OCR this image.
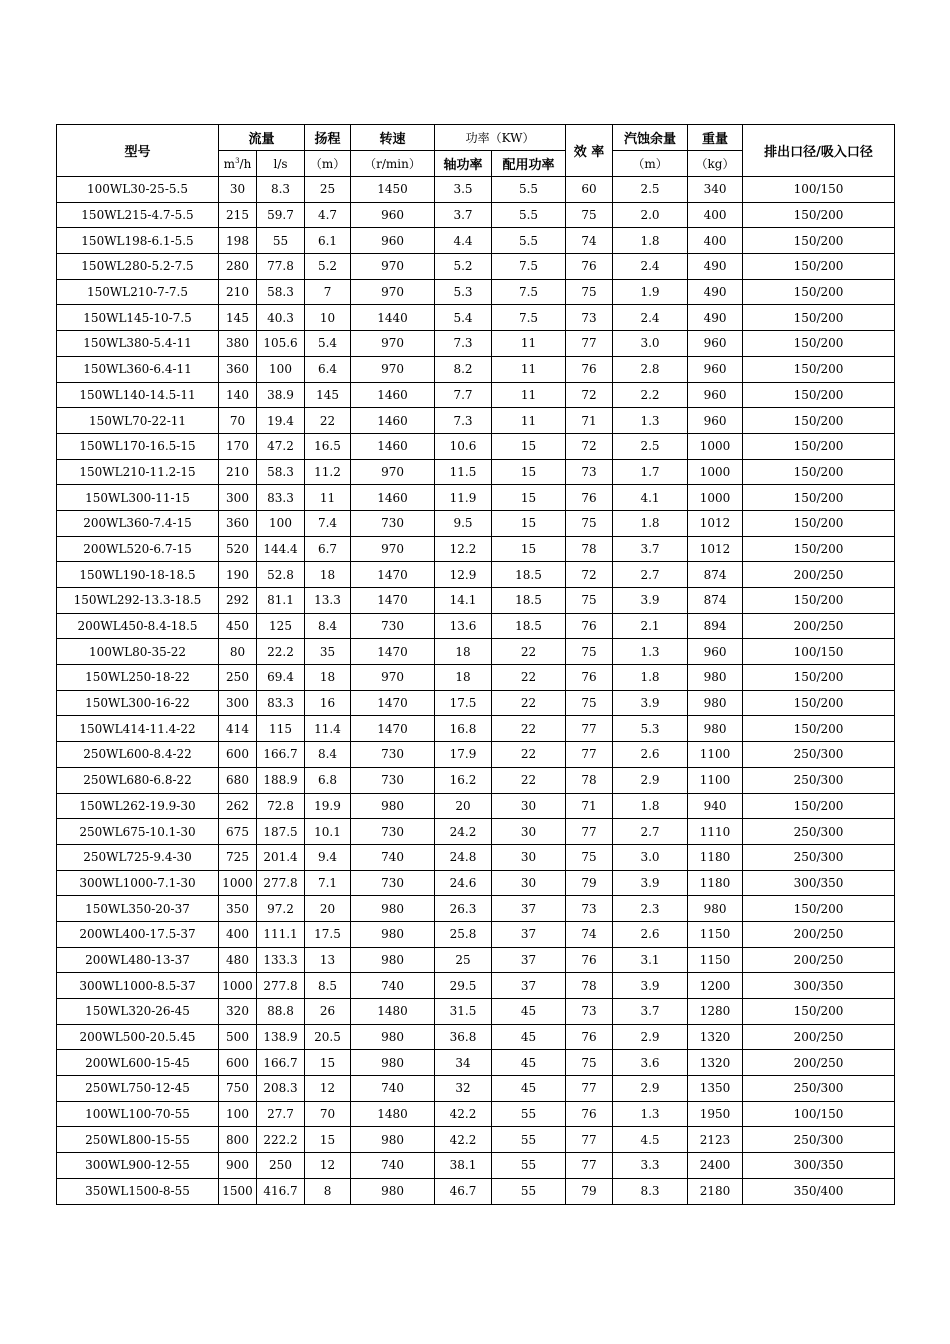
型号	流量		扬程	转速	功率（KW）		效 率	汽蚀余量	重量	排出口径/吸入口径
	$m^3/h$	l/s	（m）	（r/min）	轴功率	配用功率		（m）	（kg）	
100WL30-25-5.5	30	8.3	25	1450	3.5	5.5	60	2.5	340	100/150
150WL215-4.7-5.5	215	59.7	4.7	960	3.7	5.5	75	2.0	400	150/200
150WL198-6.1-5.5	198	55	6.1	960	4.4	5.5	74	1.8	400	150/200
150WL280-5.2-7.5	280	77.8	5.2	970	5.2	7.5	76	2.4	490	150/200
150WL210-7-7.5	210	58.3	7	970	5.3	7.5	75	1.9	490	150/200
150WL145-10-7.5	145	40.3	10	1440	5.4	7.5	73	2.4	490	150/200
150WL380-5.4-11	380	105.6	5.4	970	7.3	11	77	3.0	960	150/200
150WL360-6.4-11	360	100	6.4	970	8.2	11	76	2.8	960	150/200
150WL140-14.5-11	140	38.9	145	1460	7.7	11	72	2.2	960	150/200
150WL70-22-11	70	19.4	22	1460	7.3	11	71	1.3	960	150/200
150WL170-16.5-15	170	47.2	16.5	1460	10.6	15	72	2.5	1000	150/200
150WL210-11.2-15	210	58.3	11.2	970	11.5	15	73	1.7	1000	150/200
150WL300-11-15	300	83.3	11	1460	11.9	15	76	4.1	1000	150/200
200WL360-7.4-15	360	100	7.4	730	9.5	15	75	1.8	1012	150/200
200WL520-6.7-15	520	144.4	6.7	970	12.2	15	78	3.7	1012	150/200
150WL190-18-18.5	190	52.8	18	1470	12.9	18.5	72	2.7	874	200/250
150WL292-13.3-18.5	292	81.1	13.3	1470	14.1	18.5	75	3.9	874	150/200
200WL450-8.4-18.5	450	125	8.4	730	13.6	18.5	76	2.1	894	200/250
100WL80-35-22	80	22.2	35	1470	18	22	75	1.3	960	100/150
150WL250-18-22	250	69.4	18	970	18	22	76	1.8	980	150/200
150WL300-16-22	300	83.3	16	1470	17.5	22	75	3.9	980	150/200
150WL414-11.4-22	414	115	11.4	1470	16.8	22	77	5.3	980	150/200
250WL600-8.4-22	600	166.7	8.4	730	17.9	22	77	2.6	1100	250/300
250WL680-6.8-22	680	188.9	6.8	730	16.2	22	78	2.9	1100	250/300
150WL262-19.9-30	262	72.8	19.9	980	20	30	71	1.8	940	150/200
250WL675-10.1-30	675	187.5	10.1	730	24.2	30	77	2.7	1110	250/300
250WL725-9.4-30	725	201.4	9.4	740	24.8	30	75	3.0	1180	250/300
300WL1000-7.1-30	1000	277.8	7.1	730	24.6	30	79	3.9	1180	300/350
150WL350-20-37	350	97.2	20	980	26.3	37	73	2.3	980	150/200
200WL400-17.5-37	400	111.1	17.5	980	25.8	37	74	2.6	1150	200/250
200WL480-13-37	480	133.3	13	980	25	37	76	3.1	1150	200/250
300WL1000-8.5-37	1000	277.8	8.5	740	29.5	37	78	3.9	1200	300/350
150WL320-26-45	320	88.8	26	1480	31.5	45	73	3.7	1280	150/200
200WL500-20.5.45	500	138.9	20.5	980	36.8	45	76	2.9	1320	200/250
200WL600-15-45	600	166.7	15	980	34	45	75	3.6	1320	200/250
250WL750-12-45	750	208.3	12	740	32	45	77	2.9	1350	250/300
100WL100-70-55	100	27.7	70	1480	42.2	55	76	1.3	1950	100/150
250WL800-15-55	800	222.2	15	980	42.2	55	77	4.5	2123	250/300
300WL900-12-55	900	250	12	740	38.1	55	77	3.3	2400	300/350
350WL1500-8-55	1500	416.7	8	980	46.7	55	79	8.3	2180	350/400
